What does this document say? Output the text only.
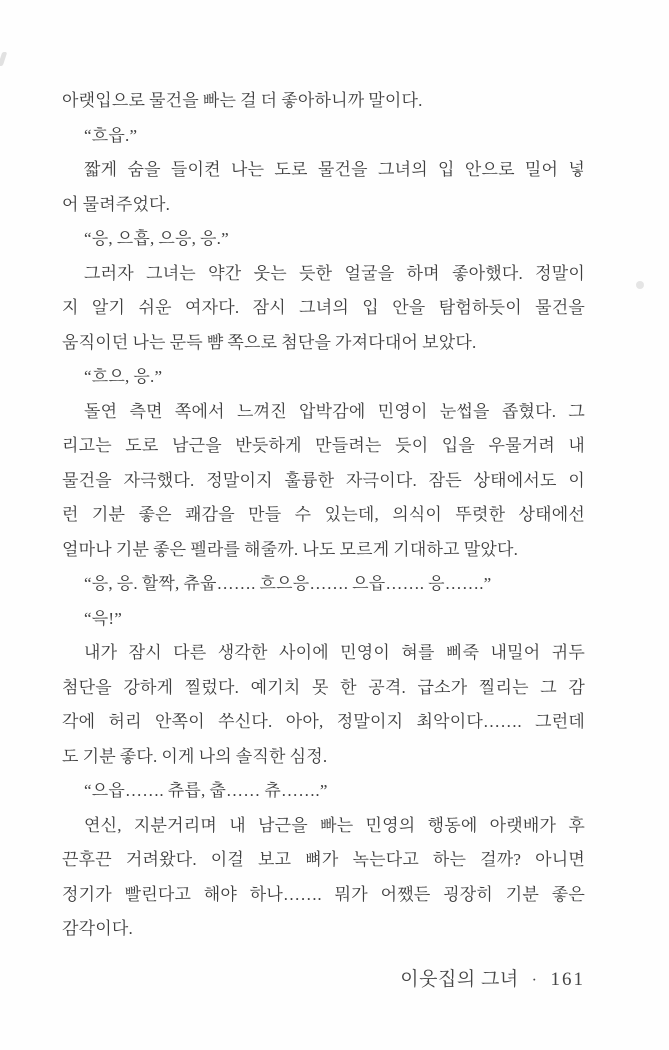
아랫입으로 물건을 빠는 걸 더 좋아하니까 말이다.
“흐읍.”
짧게 숨을 들이켠 나는 도로 물건을 그녀의 입 안으로 밀어 넣
어 물려주었다.
“응, 으흡, 으응, 응.”
그러자 그녀는 약간 웃는 듯한 얼굴을 하며 좋아했다. 정말이
지 알기 쉬운 여자다. 잠시 그녀의 입 안을 탐험하듯이 물건을
움직이던 나는 문득 뺨 쪽으로 첨단을 가져다대어 보았다.
“흐으, 응.”
돌연 측면 쪽에서 느껴진 압박감에 민영이 눈썹을 좁혔다. 그
리고는 도로 남근을 반듯하게 만들려는 듯이 입을 우물거려 내
물건을 자극했다. 정말이지 훌륭한 자극이다. 잠든 상태에서도 이
런 기분 좋은 쾌감을 만들 수 있는데, 의식이 뚜렷한 상태에선
얼마나 기분 좋은 펠라를 해줄까. 나도 모르게 기대하고 말았다.
“응, 응. 할짝, 츄웁……. 흐으응……. 으읍……. 응…….”
“윽!”
내가 잠시 다른 생각한 사이에 민영이 혀를 삐죽 내밀어 귀두
첨단을 강하게 찔렀다. 예기치 못 한 공격. 급소가 찔리는 그 감
각에 허리 안쪽이 쑤신다. 아아, 정말이지 최악이다……. 그런데
도 기분 좋다. 이게 나의 솔직한 심정.
“으읍……. 츄릅, 춥…… 츄…….”
연신, 지분거리며 내 남근을 빠는 민영의 행동에 아랫배가 후
끈후끈 거려왔다. 이걸 보고 뼈가 녹는다고 하는 걸까? 아니면
정기가 빨린다고 해야 하나……. 뭐가 어쨌든 굉장히 기분 좋은
감각이다.
이웃집의 그녀 · 161
